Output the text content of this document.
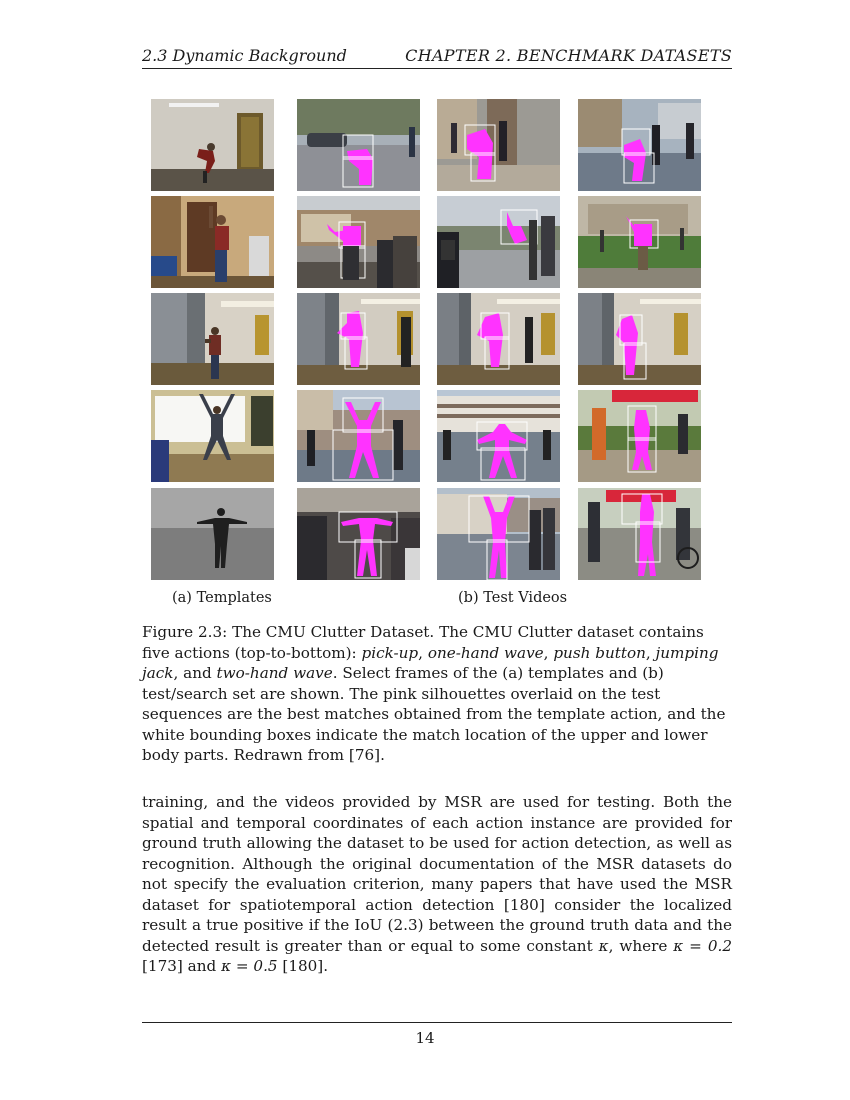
2.3 Dynamic Background	CHAPTER 2. BENCHMARK DATASETS
(a) Templates	(b) Test Videos
Figure 2.3: The CMU Clutter Dataset. The CMU Clutter dataset contains five actions (top-to-bottom): pick-up, one-hand wave, push button, jumping jack, and two-hand wave. Select frames of the (a) templates and (b) test/search set are shown. The pink silhouettes overlaid on the test sequences are the best matches obtained from the template action, and the white bounding boxes indicate the match location of the upper and lower body parts. Redrawn from [76].
training, and the videos provided by MSR are used for testing. Both the spatial and temporal coordinates of each action instance are provided for ground truth allowing the dataset to be used for action detection, as well as recognition. Although the original documentation of the MSR datasets do not specify the evaluation criterion, many papers that have used the MSR dataset for spatiotemporal action detection [180] consider the localized result a true positive if the IoU (2.3) between the ground truth data and the detected result is greater than or equal to some constant κ, where κ = 0.2 [173] and κ = 0.5 [180].
14
